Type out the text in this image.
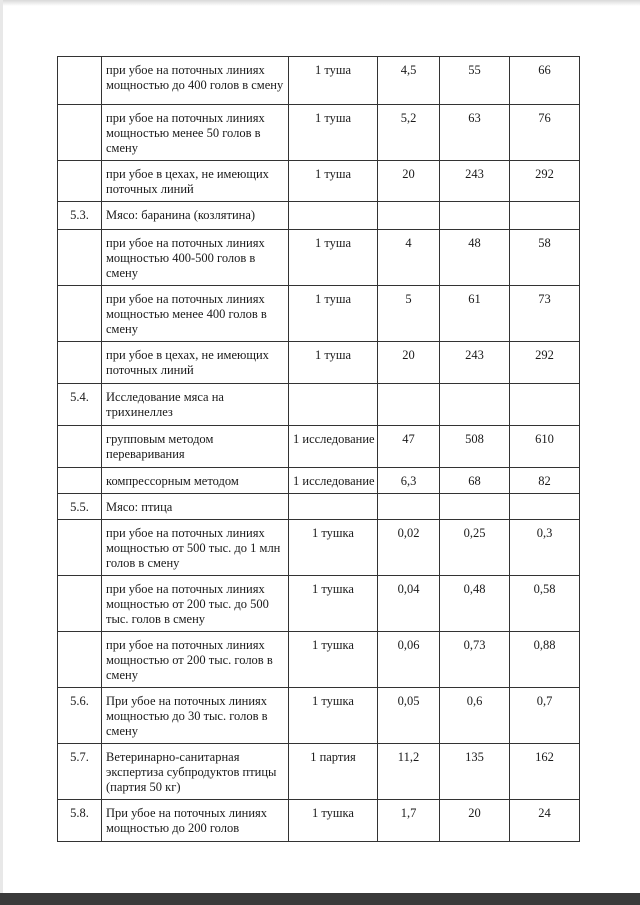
	при убое на поточных линиях мощностью до 400 голов в смену	1 туша	4,5	55	66
	при убое на поточных линиях мощностью менее 50 голов в смену	1 туша	5,2	63	76
	при убое в цехах, не имеющих поточных линий	1 туша	20	243	292
5.3.	Мясо: баранина (козлятина)				
	при убое на поточных линиях мощностью 400-500 голов в смену	1 туша	4	48	58
	при убое на поточных линиях мощностью менее 400 голов в смену	1 туша	5	61	73
	при убое в цехах, не имеющих поточных линий	1 туша	20	243	292
5.4.	Исследование мяса на трихинеллез				
	групповым методом переваривания	1 исследование	47	508	610
	компрессорным методом	1 исследование	6,3	68	82
5.5.	Мясо: птица				
	при убое на поточных линиях мощностью от 500 тыс. до 1 млн голов в смену	1 тушка	0,02	0,25	0,3
	при убое на поточных линиях мощностью от 200 тыс. до 500 тыс. голов в смену	1 тушка	0,04	0,48	0,58
	при убое на поточных линиях мощностью от 200 тыс. голов в смену	1 тушка	0,06	0,73	0,88
5.6.	При убое на поточных линиях мощностью до 30 тыс. голов в смену	1 тушка	0,05	0,6	0,7
5.7.	Ветеринарно-санитарная экспертиза субпродуктов птицы (партия 50 кг)	1 партия	11,2	135	162
5.8.	При убое на поточных линиях мощностью до 200 голов	1 тушка	1,7	20	24
